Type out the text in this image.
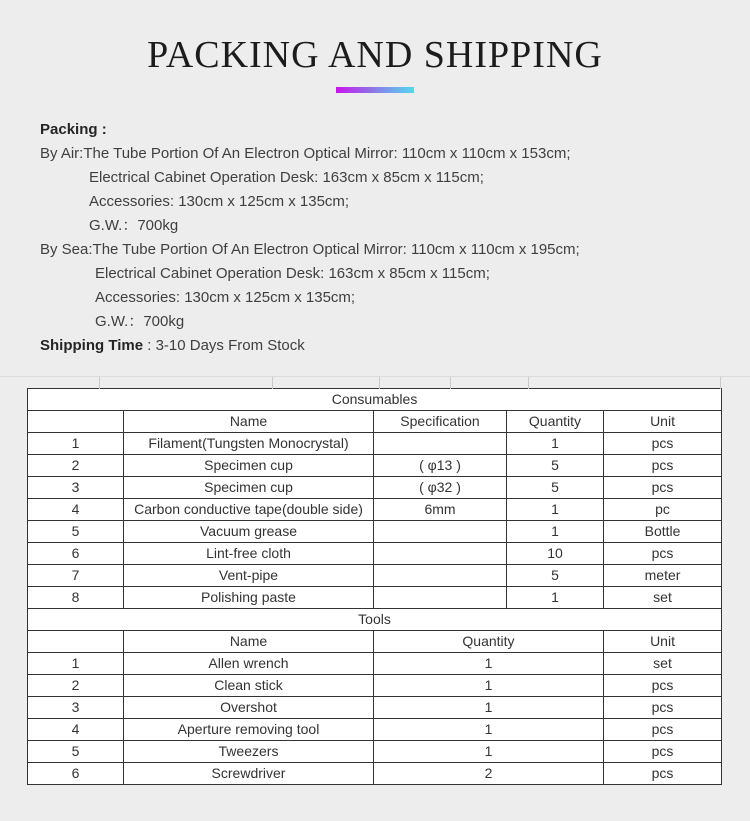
PACKING AND SHIPPING
Packing :
By Air:The Tube Portion Of An Electron Optical Mirror: 110cm x 110cm x 153cm;
Electrical Cabinet Operation Desk: 163cm x 85cm x 115cm;
Accessories: 130cm x 125cm x 135cm;
G.W.：700kg
By Sea:The Tube Portion Of An Electron Optical Mirror: 110cm x 110cm x 195cm;
Electrical Cabinet Operation Desk: 163cm x 85cm x 115cm;
Accessories: 130cm x 125cm x 135cm;
G.W.：700kg
Shipping Time : 3-10 Days From Stock
Consumables				
	Name	Specification	Quantity	Unit
1	Filament(Tungsten Monocrystal)		1	pcs
2	Specimen cup	( φ13 )	5	pcs
3	Specimen cup	( φ32 )	5	pcs
4	Carbon conductive tape(double side)	6mm	1	pc
5	Vacuum grease		1	Bottle
6	Lint-free cloth		10	pcs
7	Vent-pipe		5	meter
8	Polishing paste		1	set
Tools				
	Name	Quantity		Unit
1	Allen wrench	1		set
2	Clean stick	1		pcs
3	Overshot	1		pcs
4	Aperture removing tool	1		pcs
5	Tweezers	1		pcs
6	Screwdriver	2		pcs
